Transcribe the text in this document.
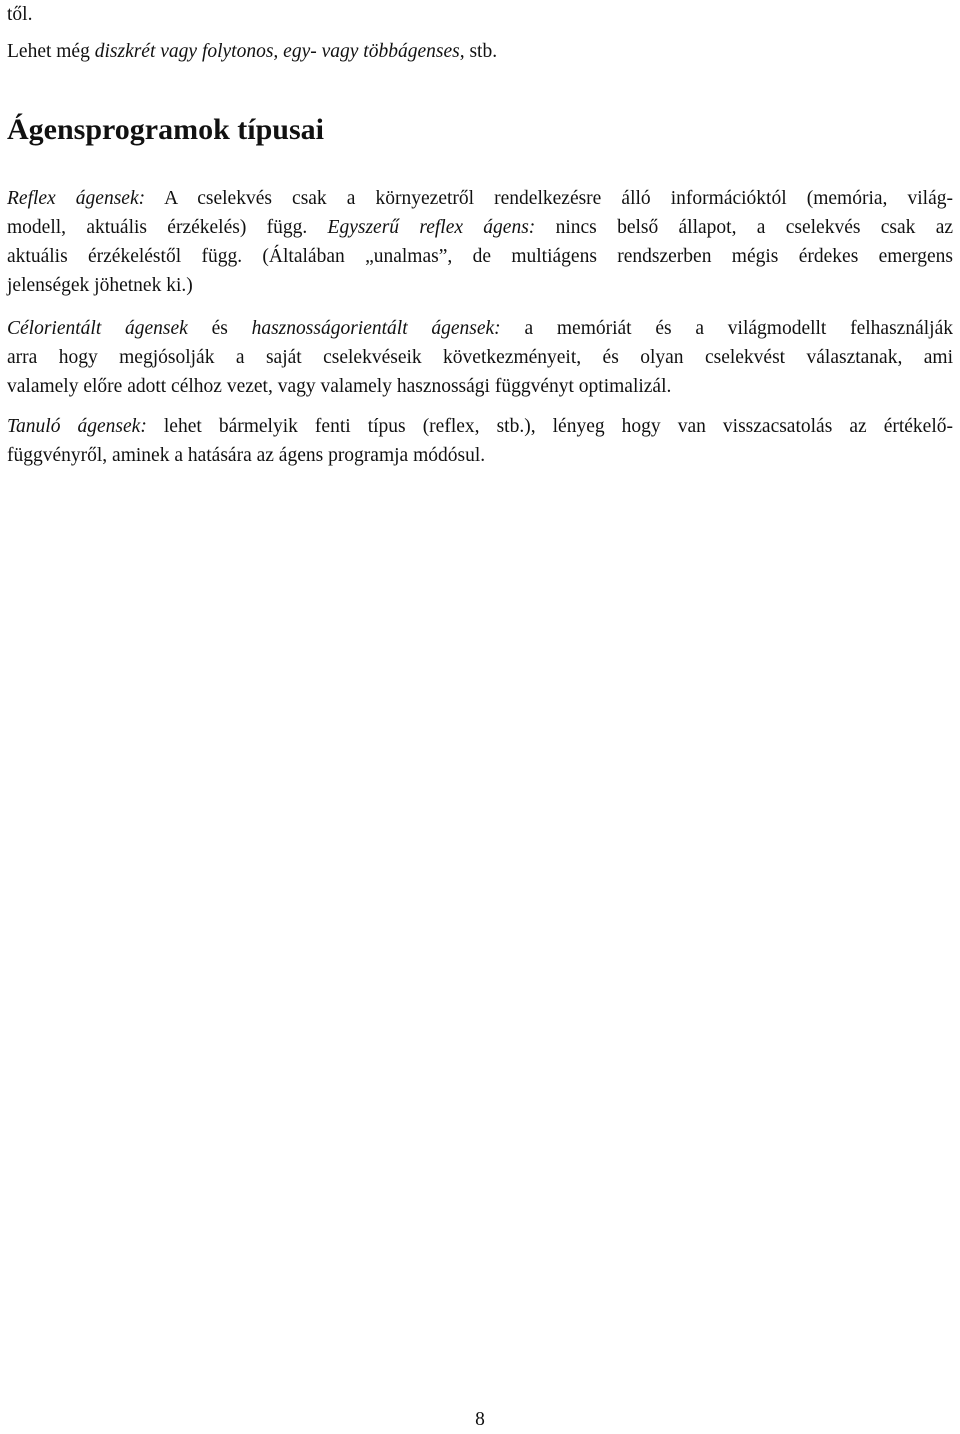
től.
Lehet még diszkrét vagy folytonos, egy- vagy többágenses, stb.
Ágensprogramok típusai
Reflex ágensek: A cselekvés csak a környezetről rendelkezésre álló információktól (memória, világ-
modell, aktuális érzékelés) függ. Egyszerű reflex ágens: nincs belső állapot, a cselekvés csak az
aktuális érzékeléstől függ. (Általában „unalmas”, de multiágens rendszerben mégis érdekes emergens
jelenségek jöhetnek ki.)
Célorientált ágensek és hasznosságorientált ágensek: a memóriát és a világmodellt felhasználják
arra hogy megjósolják a saját cselekvéseik következményeit, és olyan cselekvést választanak, ami
valamely előre adott célhoz vezet, vagy valamely hasznossági függvényt optimalizál.
Tanuló ágensek: lehet bármelyik fenti típus (reflex, stb.), lényeg hogy van visszacsatolás az értékelő-
függvényről, aminek a hatására az ágens programja módósul.
8
